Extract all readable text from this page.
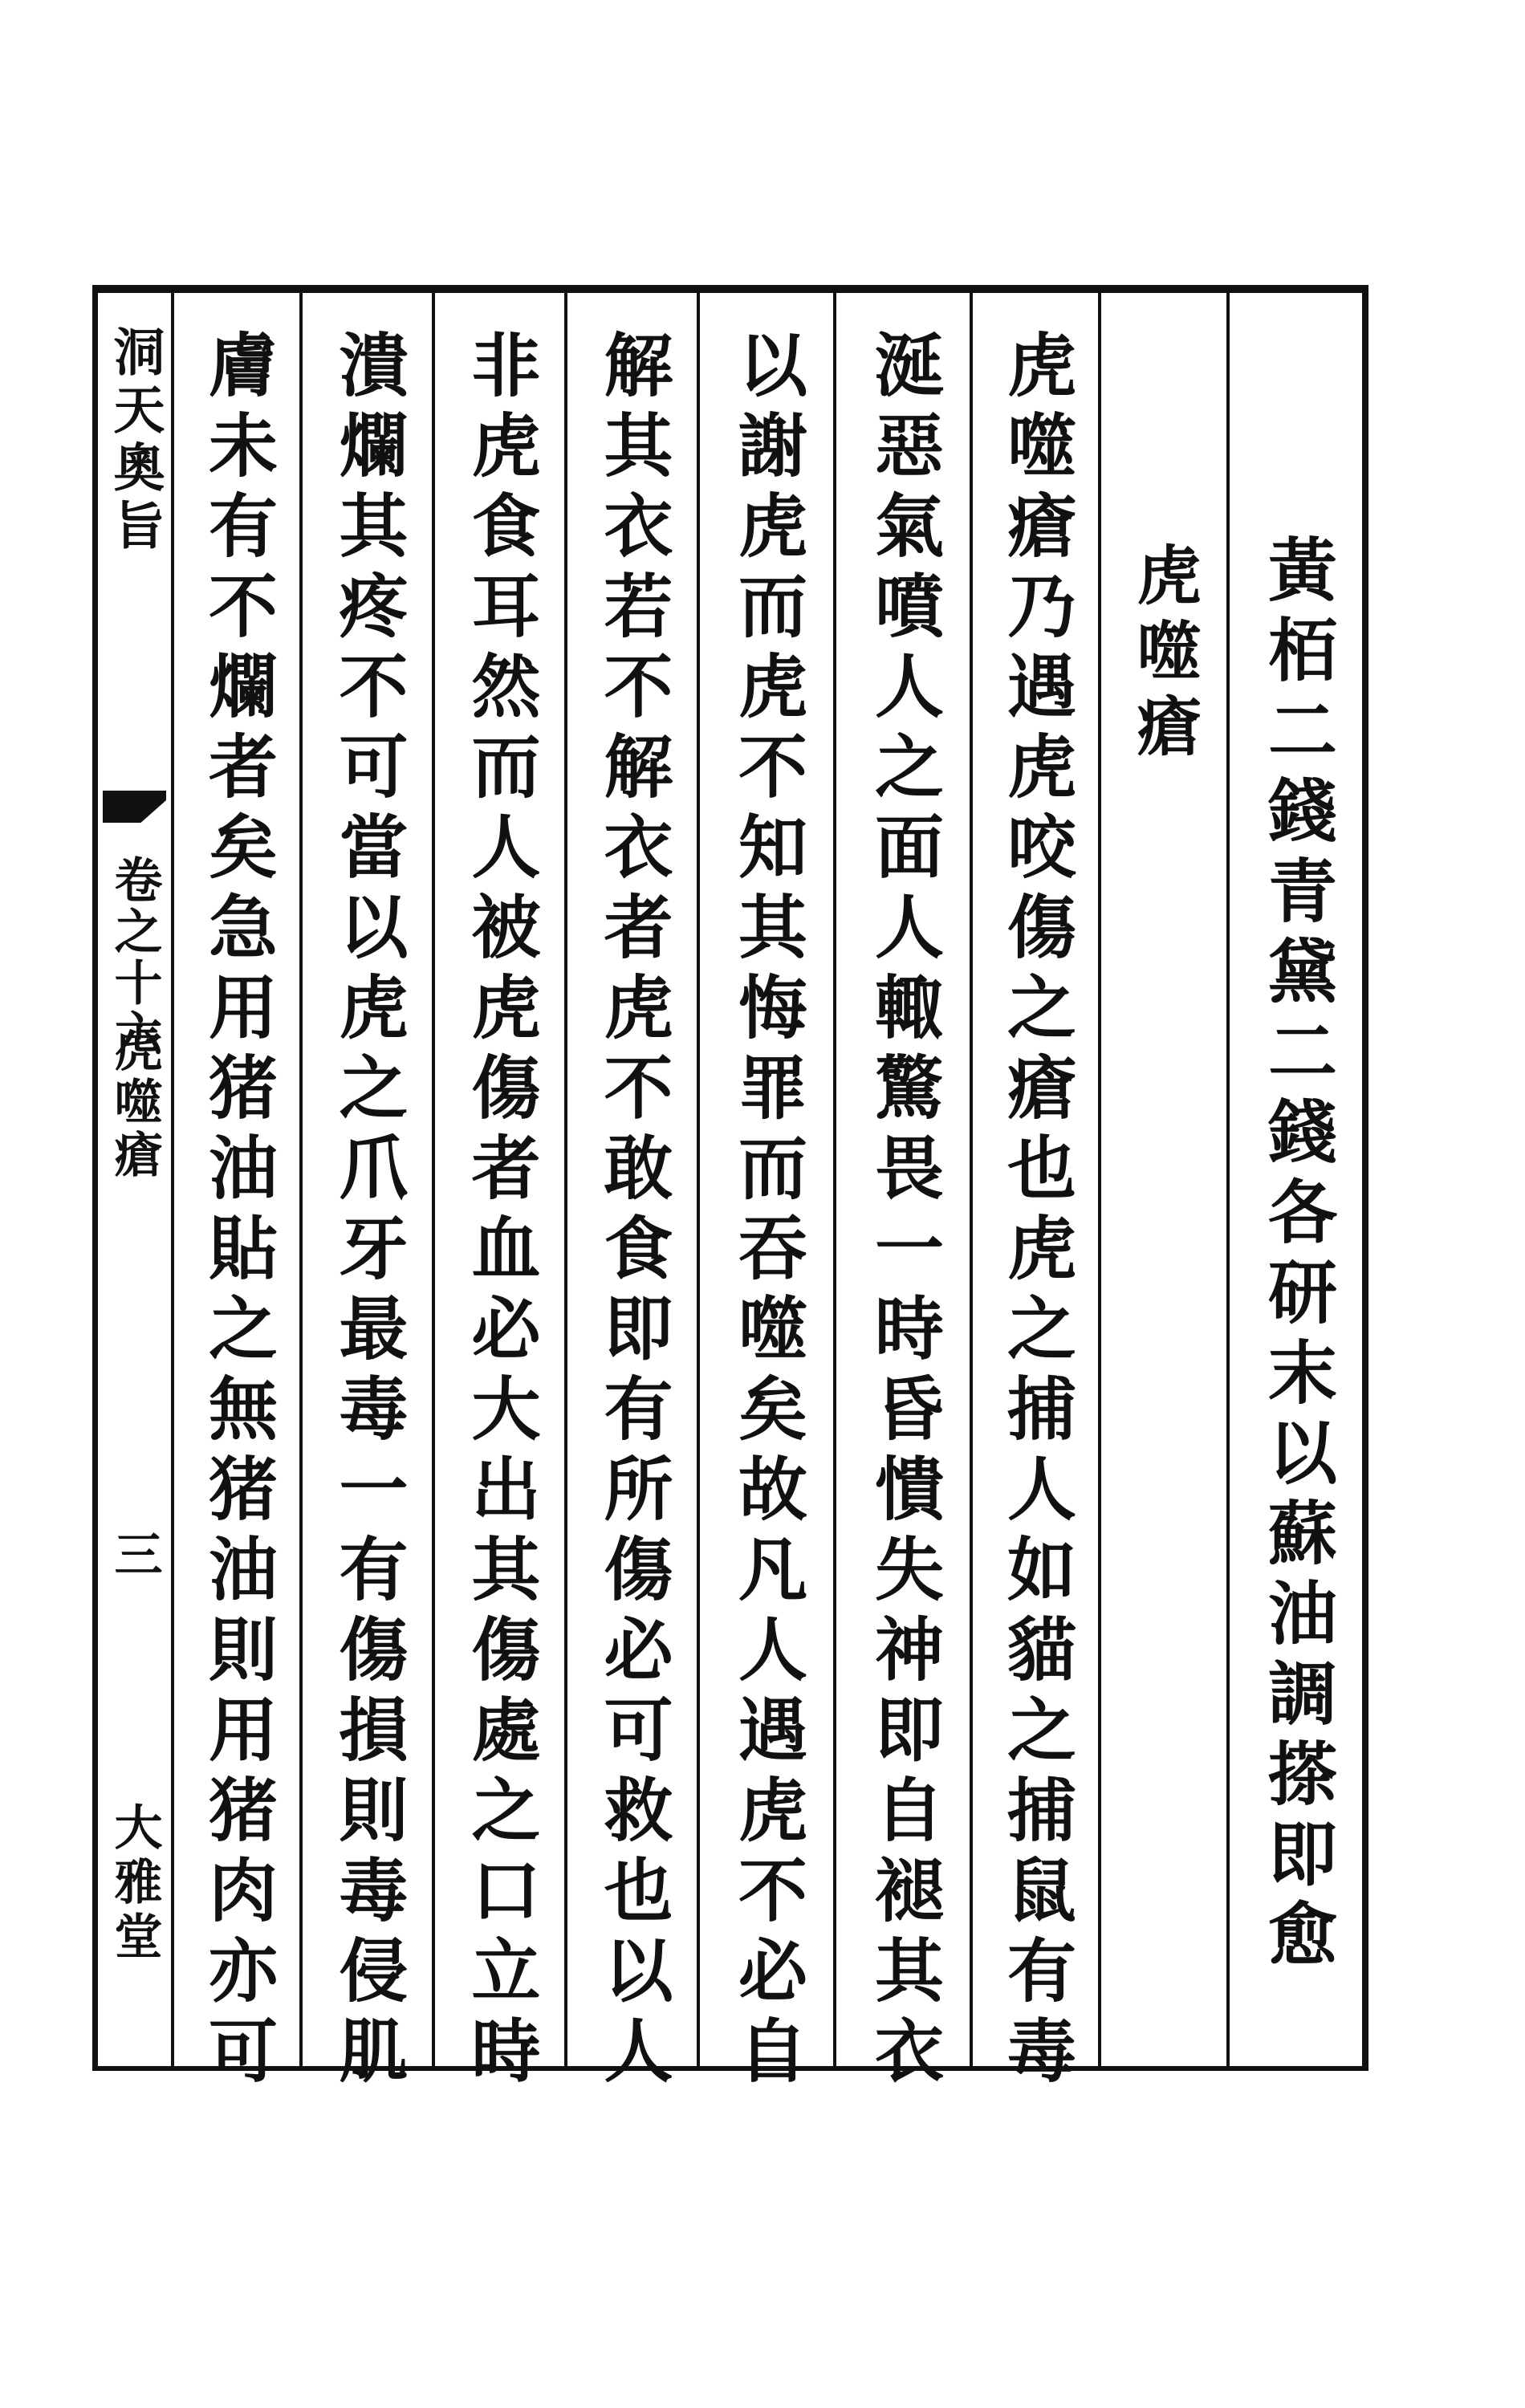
黃栢二錢青黛二錢各研末以蘇油調搽即愈
虎噬瘡
虎噬瘡乃遇虎咬傷之瘡也虎之捕人如貓之捕鼠有毒
涎惡氣噴人之面人輙驚畏一時昏憒失神即自褪其衣
以謝虎而虎不知其悔罪而吞噬矣故凡人遇虎不必自
解其衣若不解衣者虎不敢食即有所傷必可救也以人
非虎食耳然而人被虎傷者血必大出其傷處之口立時
潰爛其疼不可當以虎之爪牙最毒一有傷損則毒侵肌
膚未有不爛者矣急用猪油貼之無猪油則用猪肉亦可
洞天奧旨
卷之十六
虎噬瘡
三
大雅堂
